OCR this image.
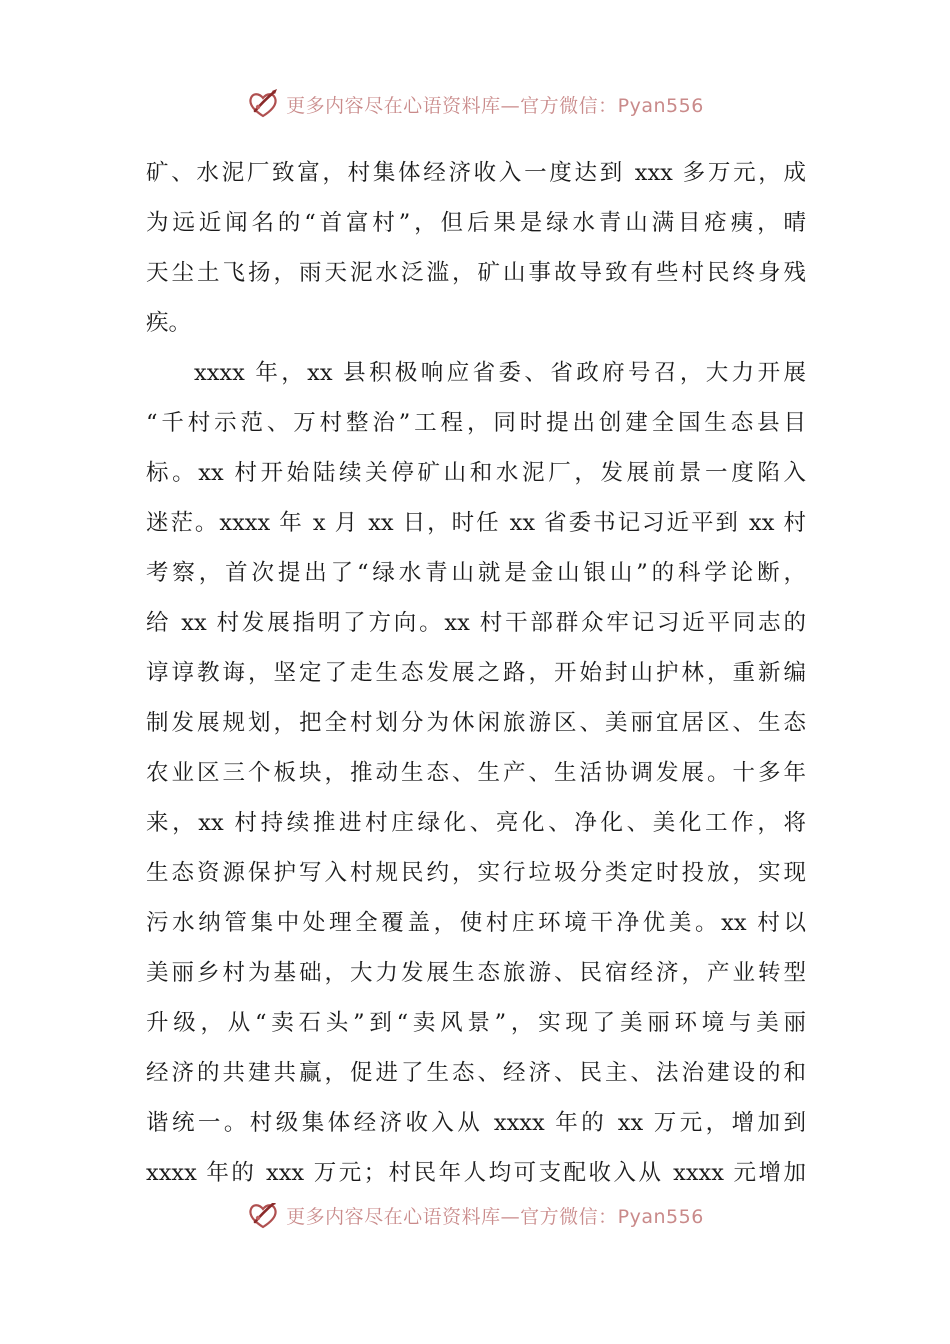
更多内容尽在心语资料库—官方微信：Pyan556
矿、水泥厂致富，村集体经济收入一度达到 xxx 多万元，成
为远近闻名的“首富村”，但后果是绿水青山满目疮痍，晴
天尘土飞扬，雨天泥水泛滥，矿山事故导致有些村民终身残
疾。
xxxx 年，xx 县积极响应省委、省政府号召，大力开展
“千村示范、万村整治”工程，同时提出创建全国生态县目
标。xx 村开始陆续关停矿山和水泥厂，发展前景一度陷入
迷茫。xxxx 年 x 月 xx 日，时任 xx 省委书记习近平到 xx 村
考察，首次提出了“绿水青山就是金山银山”的科学论断，
给 xx 村发展指明了方向。xx 村干部群众牢记习近平同志的
谆谆教诲，坚定了走生态发展之路，开始封山护林，重新编
制发展规划，把全村划分为休闲旅游区、美丽宜居区、生态
农业区三个板块，推动生态、生产、生活协调发展。十多年
来，xx 村持续推进村庄绿化、亮化、净化、美化工作，将
生态资源保护写入村规民约，实行垃圾分类定时投放，实现
污水纳管集中处理全覆盖，使村庄环境干净优美。xx 村以
美丽乡村为基础，大力发展生态旅游、民宿经济，产业转型
升级，从“卖石头”到“卖风景”，实现了美丽环境与美丽
经济的共建共赢，促进了生态、经济、民主、法治建设的和
谐统一。村级集体经济收入从 xxxx 年的 xx 万元，增加到
xxxx 年的 xxx 万元；村民年人均可支配收入从 xxxx 元增加
更多内容尽在心语资料库—官方微信：Pyan556
